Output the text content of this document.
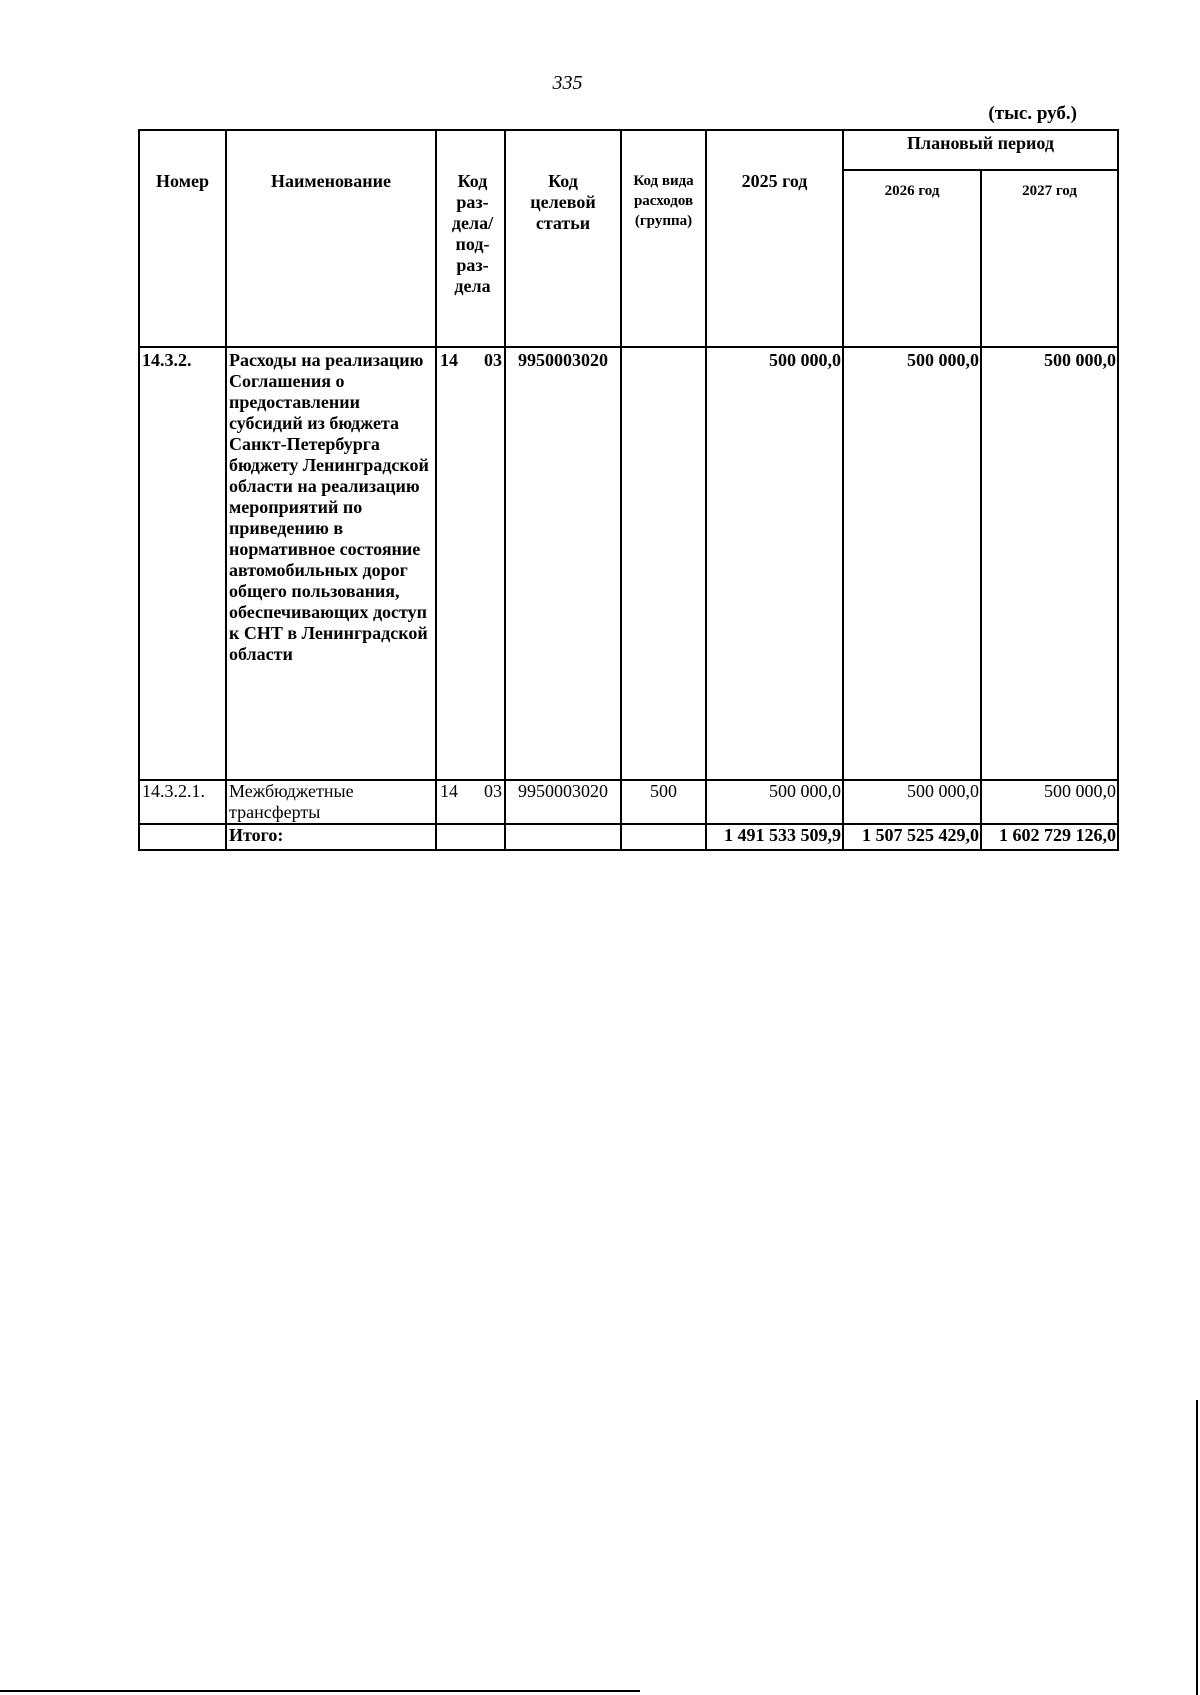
335
(тыс. руб.)
Номер	Наименование	Код раз-дела/ под-раз-дела	Код целевой статьи	Код вида расходов (группа)	2025 год	Плановый период	
						2026 год	2027 год
14.3.2.	Расходы на реализацию Соглашения о предоставлении субсидий из бюджета Санкт-Петербурга бюджету Ленинградской области на реализацию мероприятий по приведению в нормативное состояние автомобильных дорог общего пользования, обеспечивающих доступ к СНТ в Ленинградской области	14 03	9950003020		500 000,0	500 000,0	500 000,0
14.3.2.1.	Межбюджетные трансферты	14 03	9950003020	500	500 000,0	500 000,0	500 000,0
	Итого:				1 491 533 509,9	1 507 525 429,0	1 602 729 126,0
